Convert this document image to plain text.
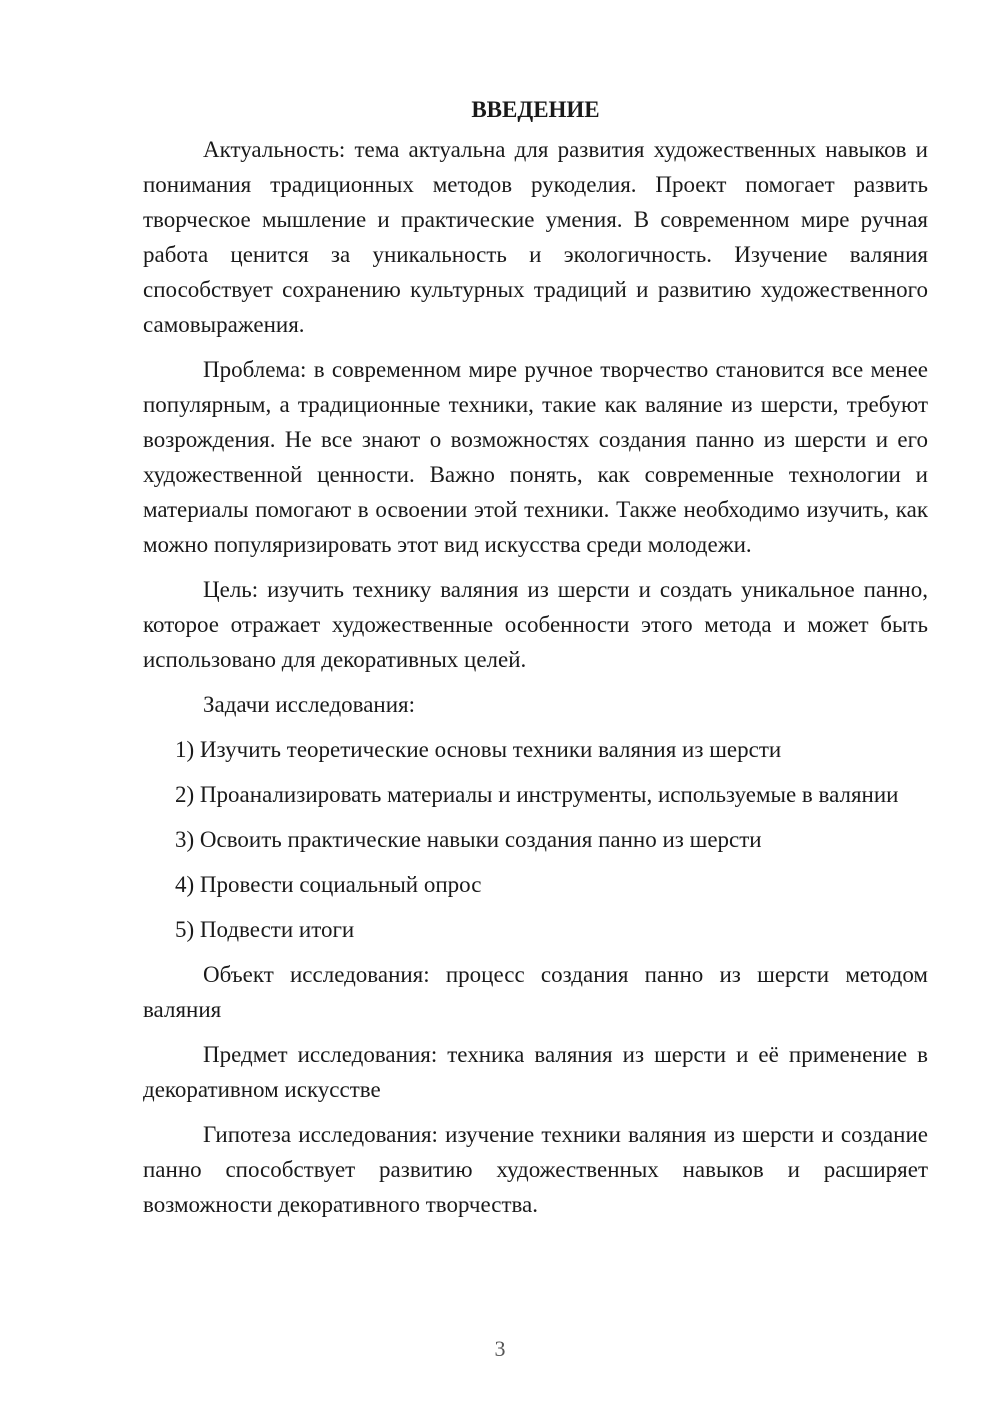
ВВЕДЕНИЕ

Актуальность: тема актуальна для развития художественных навыков и понимания традиционных методов рукоделия. Проект помогает развить творческое мышление и практические умения. В современном мире ручная работа ценится за уникальность и экологичность. Изучение валяния способствует сохранению культурных традиций и развитию художественного самовыражения.

Проблема: в современном мире ручное творчество становится все менее популярным, а традиционные техники, такие как валяние из шерсти, требуют возрождения. Не все знают о возможностях создания панно из шерсти и его художественной ценности. Важно понять, как современные технологии и материалы помогают в освоении этой техники. Также необходимо изучить, как можно популяризировать этот вид искусства среди молодежи.

Цель: изучить технику валяния из шерсти и создать уникальное панно, которое отражает художественные особенности этого метода и может быть использовано для декоративных целей.

Задачи исследования:

1) Изучить теоретические основы техники валяния из шерсти

2) Проанализировать материалы и инструменты, используемые в валянии

3) Освоить практические навыки создания панно из шерсти

4) Провести социальный опрос

5) Подвести итоги

Объект исследования: процесс создания панно из шерсти методом валяния

Предмет исследования: техника валяния из шерсти и её применение в декоративном искусстве

Гипотеза исследования: изучение техники валяния из шерсти и создание панно способствует развитию художественных навыков и расширяет возможности декоративного творчества.

3
